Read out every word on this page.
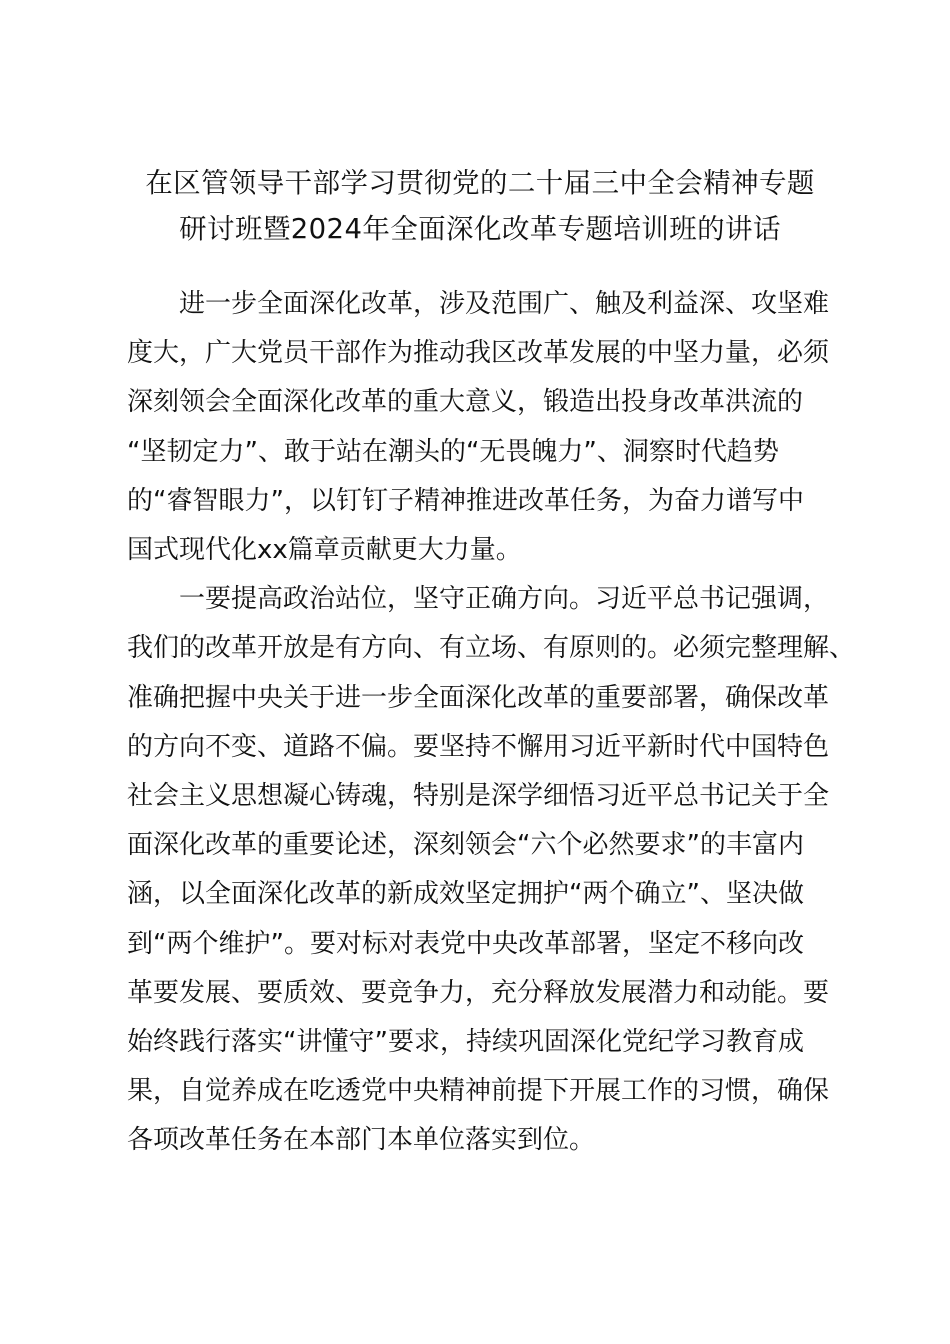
在区管领导干部学习贯彻党的二十届三中全会精神专题
研讨班暨2024年全面深化改革专题培训班的讲话
进一步全面深化改革，涉及范围广、触及利益深、攻坚难
度大，广大党员干部作为推动我区改革发展的中坚力量，必须
深刻领会全面深化改革的重大意义，锻造出投身改革洪流的
“坚韧定力”、敢于站在潮头的“无畏魄力”、洞察时代趋势
的“睿智眼力”，以钉钉子精神推进改革任务，为奋力谱写中
国式现代化xx篇章贡献更大力量。
一要提高政治站位，坚守正确方向。习近平总书记强调，
我们的改革开放是有方向、有立场、有原则的。必须完整理解、
准确把握中央关于进一步全面深化改革的重要部署，确保改革
的方向不变、道路不偏。要坚持不懈用习近平新时代中国特色
社会主义思想凝心铸魂，特别是深学细悟习近平总书记关于全
面深化改革的重要论述，深刻领会“六个必然要求”的丰富内
涵，以全面深化改革的新成效坚定拥护“两个确立”、坚决做
到“两个维护”。要对标对表党中央改革部署，坚定不移向改
革要发展、要质效、要竞争力，充分释放发展潜力和动能。要
始终践行落实“讲懂守”要求，持续巩固深化党纪学习教育成
果，自觉养成在吃透党中央精神前提下开展工作的习惯，确保
各项改革任务在本部门本单位落实到位。
